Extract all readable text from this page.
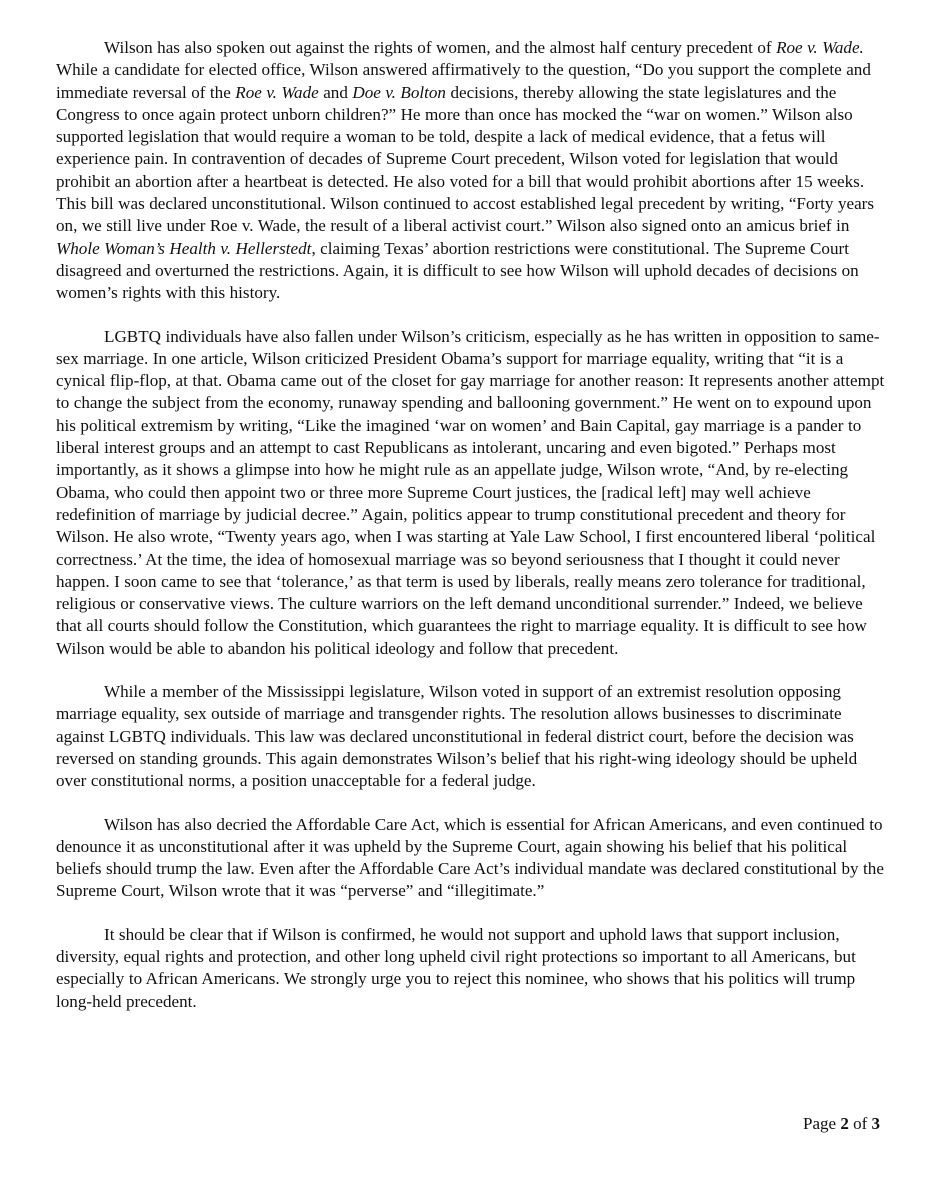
Wilson has also spoken out against the rights of women, and the almost half century precedent of Roe v. Wade. While a candidate for elected office, Wilson answered affirmatively to the question, “Do you support the complete and immediate reversal of the Roe v. Wade and Doe v. Bolton decisions, thereby allowing the state legislatures and the Congress to once again protect unborn children?” He more than once has mocked the “war on women.” Wilson also supported legislation that would require a woman to be told, despite a lack of medical evidence, that a fetus will experience pain. In contravention of decades of Supreme Court precedent, Wilson voted for legislation that would prohibit an abortion after a heartbeat is detected. He also voted for a bill that would prohibit abortions after 15 weeks. This bill was declared unconstitutional. Wilson continued to accost established legal precedent by writing, “Forty years on, we still live under Roe v. Wade, the result of a liberal activist court.” Wilson also signed onto an amicus brief in Whole Woman’s Health v. Hellerstedt, claiming Texas’ abortion restrictions were constitutional. The Supreme Court disagreed and overturned the restrictions. Again, it is difficult to see how Wilson will uphold decades of decisions on women’s rights with this history.

LGBTQ individuals have also fallen under Wilson’s criticism, especially as he has written in opposition to same-sex marriage. In one article, Wilson criticized President Obama’s support for marriage equality, writing that “it is a cynical flip-flop, at that. Obama came out of the closet for gay marriage for another reason: It represents another attempt to change the subject from the economy, runaway spending and ballooning government.” He went on to expound upon his political extremism by writing, “Like the imagined ‘war on women’ and Bain Capital, gay marriage is a pander to liberal interest groups and an attempt to cast Republicans as intolerant, uncaring and even bigoted.” Perhaps most importantly, as it shows a glimpse into how he might rule as an appellate judge, Wilson wrote, “And, by re-electing Obama, who could then appoint two or three more Supreme Court justices, the [radical left] may well achieve redefinition of marriage by judicial decree.” Again, politics appear to trump constitutional precedent and theory for Wilson. He also wrote, “Twenty years ago, when I was starting at Yale Law School, I first encountered liberal ‘political correctness.’ At the time, the idea of homosexual marriage was so beyond seriousness that I thought it could never happen. I soon came to see that ‘tolerance,’ as that term is used by liberals, really means zero tolerance for traditional, religious or conservative views. The culture warriors on the left demand unconditional surrender.” Indeed, we believe that all courts should follow the Constitution, which guarantees the right to marriage equality. It is difficult to see how Wilson would be able to abandon his political ideology and follow that precedent.

While a member of the Mississippi legislature, Wilson voted in support of an extremist resolution opposing marriage equality, sex outside of marriage and transgender rights. The resolution allows businesses to discriminate against LGBTQ individuals. This law was declared unconstitutional in federal district court, before the decision was reversed on standing grounds. This again demonstrates Wilson’s belief that his right-wing ideology should be upheld over constitutional norms, a position unacceptable for a federal judge.

Wilson has also decried the Affordable Care Act, which is essential for African Americans, and even continued to denounce it as unconstitutional after it was upheld by the Supreme Court, again showing his belief that his political beliefs should trump the law. Even after the Affordable Care Act’s individual mandate was declared constitutional by the Supreme Court, Wilson wrote that it was “perverse” and “illegitimate.”

It should be clear that if Wilson is confirmed, he would not support and uphold laws that support inclusion, diversity, equal rights and protection, and other long upheld civil right protections so important to all Americans, but especially to African Americans. We strongly urge you to reject this nominee, who shows that his politics will trump long-held precedent.

Page 2 of 3
